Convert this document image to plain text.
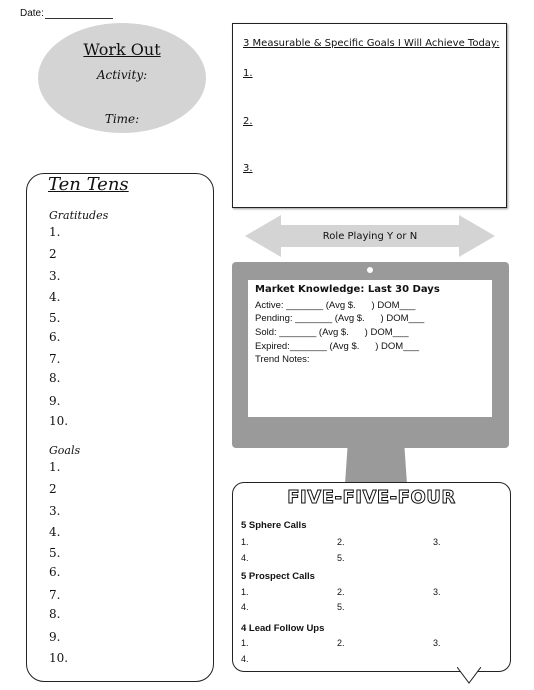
Date:
Work Out
Activity:
Time:
3 Measurable & Specific Goals I Will Achieve Today:
1.
2.
3.
Role Playing Y or N
Market Knowledge: Last 30 Days
Active: _______ (Avg $.      ) DOM___
Pending: _______ (Avg $.      ) DOM___
Sold: _______ (Avg $.      ) DOM___
Expired:_______ (Avg $.      ) DOM___
Trend Notes:
Ten Tens
Gratitudes
1.
2
3.
4.
5.
6.
7.
8.
9.
10.
Goals
1.
2
3.
4.
5.
6.
7.
8.
9.
10.
FIVE-FIVE-FOUR
5 Sphere Calls
1.	2.	3.
4.	5.
5 Prospect Calls
1.	2.	3.
4.	5.
4 Lead Follow Ups
1.	2.	3.
4.
